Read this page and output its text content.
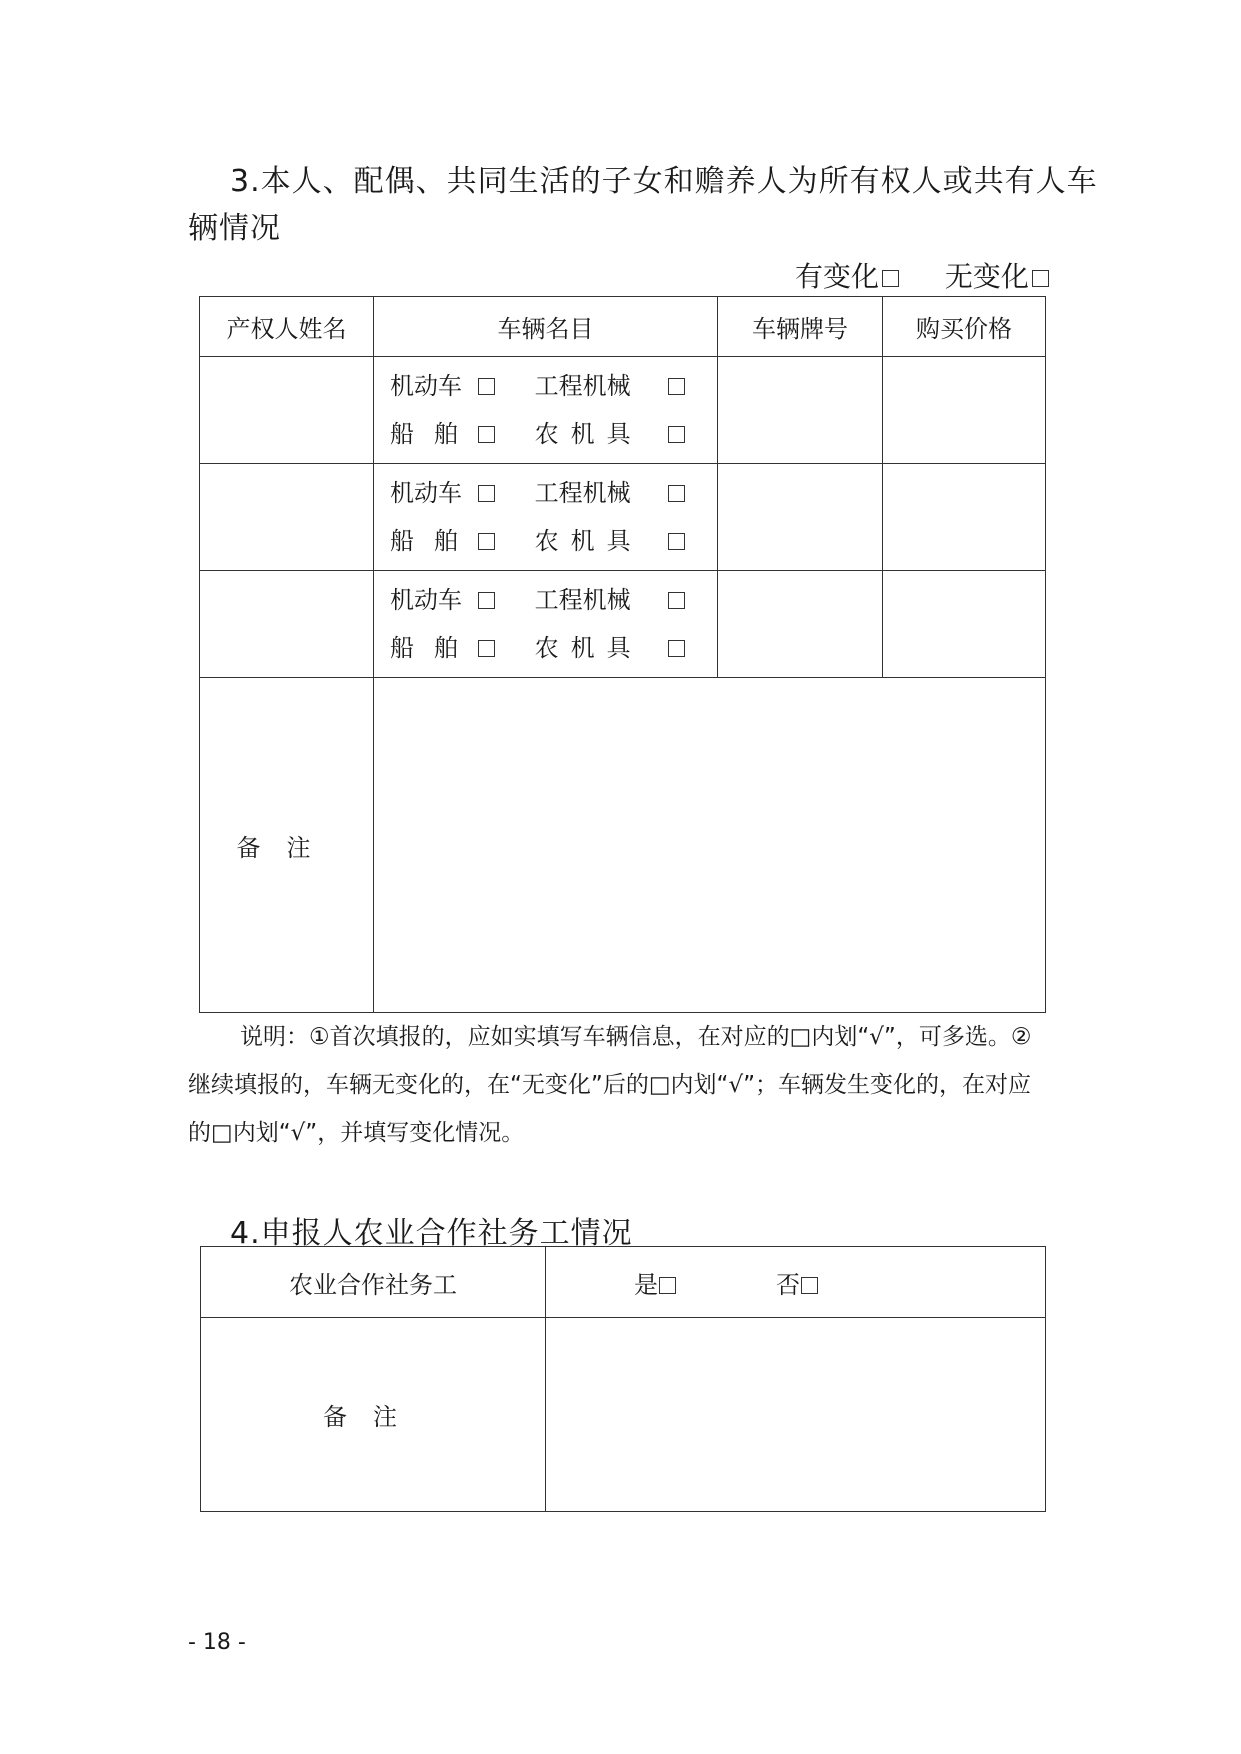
3.本人、配偶、共同生活的子女和赡养人为所有权人或共有人车
辆情况
有变化 无变化
产权人姓名	车辆名目	车辆牌号	购买价格

	机动车 工程机械
船舶 农机具		

	机动车 工程机械
船舶 农机具		

	机动车 工程机械
船舶 农机具		

备注			
说明：①首次填报的，应如实填写车辆信息，在对应的□内划“√”，可多选。②继续填报的，车辆无变化的，在“无变化”后的□内划“√”；车辆发生变化的，在对应的□内划“√”，并填写变化情况。
4.申报人农业合作社务工情况
农业合作社务工	是 否
备注	
- 18 -
